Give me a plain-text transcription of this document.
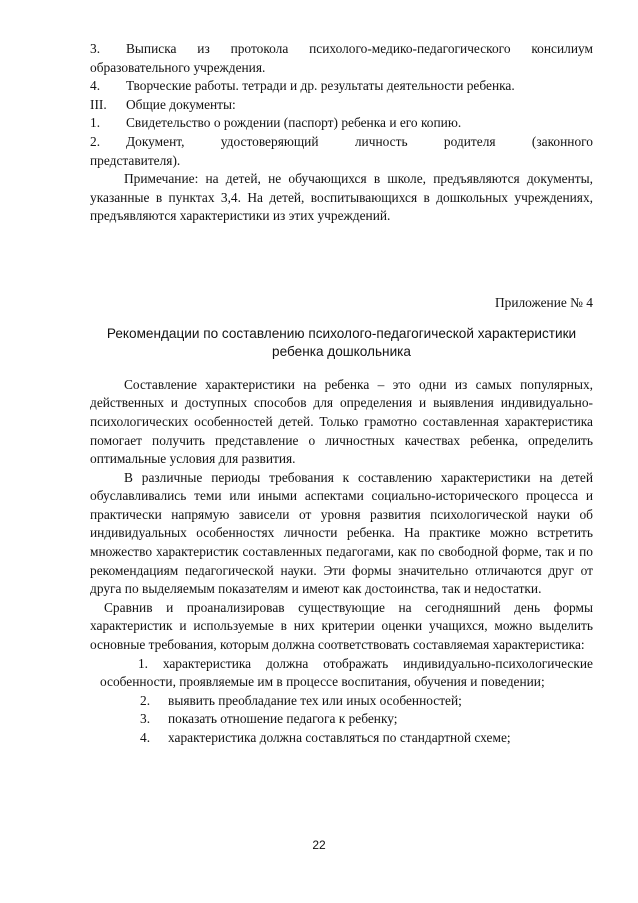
3.	Выписка из протокола психолого-медико-педагогического консилиум

образовательного учреждения.

4.	Творческие работы. тетради и др. результаты деятельности ребенка.
III.	Общие документы:
1.	Свидетельство о рождении (паспорт) ребенка и его копию.
2.	Документ, удостоверяющий личность родителя (законного

представителя).

Примечание: на детей, не обучающихся в школе, предъявляются документы, указанные в пунктах 3,4. На детей, воспитывающихся в дошкольных учреждениях, предъявляются характеристики из этих учреждений.

Приложение № 4

Рекомендации по составлению психолого-педагогической характеристики
ребенка дошкольника

Составление характеристики на ребенка – это одни из самых популярных, действенных и доступных способов для определения и выявления индивидуально-психологических особенностей детей. Только грамотно составленная характеристика помогает получить представление о личностных качествах ребенка, определить оптимальные условия для развития.

В различные периоды требования к составлению характеристики на детей обуславливались теми или иными аспектами социально-исторического процесса и практически напрямую зависели от уровня развития психологической науки об индивидуальных особенностях личности ребенка. На практике можно встретить множество характеристик составленных педагогами, как по свободной форме, так и по рекомендациям педагогической науки. Эти формы значительно отличаются друг от друга по выделяемым показателям и имеют как достоинства, так и недостатки.

Сравнив и проанализировав существующие на сегодняшний день формы характеристик и используемые в них критерии оценки учащихся, можно выделить основные требования, которым должна соответствовать составляемая характеристика:

1. характеристика должна отображать индивидуально-психологические особенности, проявляемые им в процессе воспитания, обучения и поведении;

2.	выявить преобладание тех или иных особенностей;
3.	показать отношение педагога к ребенку;
4.	характеристика должна составляться по стандартной схеме;
22
